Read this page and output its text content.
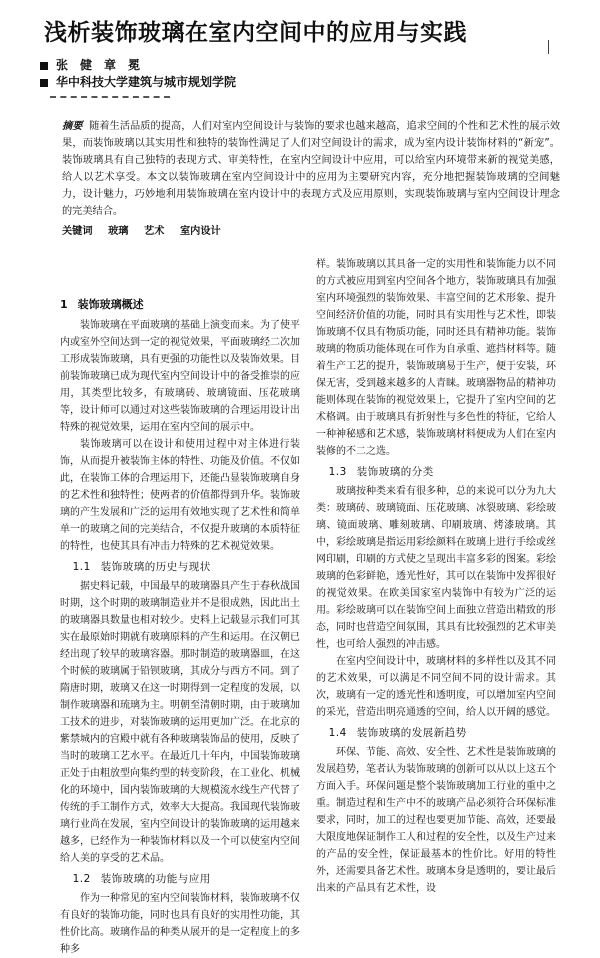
浅析装饰玻璃在室内空间中的应用与实践
张　健　章　冕
华中科技大学建筑与城市规划学院
摘要 随着生活品质的提高，人们对室内空间设计与装饰的要求也越来越高，追求空间的个性和艺术性的展示效果，而装饰玻璃以其实用性和独特的装饰性满足了人们对空间设计的需求，成为室内设计装饰材料的“新宠”。装饰玻璃具有自己独特的表现方式、审美特性，在室内空间设计中应用，可以给室内环境带来新的视觉美感，给人以艺术享受。本文以装饰玻璃在室内空间设计中的应用为主要研究内容，充分地把握装饰玻璃的空间魅力，设计魅力，巧妙地利用装饰玻璃在室内设计中的表现方式及应用原则，实现装饰玻璃与室内空间设计理念的完美结合。
关键词 玻璃 艺术 室内设计
1 装饰玻璃概述

装饰玻璃在平面玻璃的基础上演变而来。为了使平内或室外空间达到一定的视觉效果，平面玻璃经二次加工形成装饰玻璃，具有更强的功能性以及装饰效果。目前装饰玻璃已成为现代室内空间设计中的备受推崇的应用，其类型比较多，有玻璃砖、玻璃镜面、压花玻璃等，设计师可以通过对这些装饰玻璃的合理运用设计出特殊的视觉效果，运用在室内空间的展示中。

装饰玻璃可以在设计和使用过程中对主体进行装饰，从而提升被装饰主体的特性、功能及价值。不仅如此，在装饰工体的合理运用下，还能凸显装饰玻璃自身的艺术性和独特性；使两者的价值都得到升华。装饰玻璃的产生发展和广泛的运用有效地实现了艺术性和简单单一的玻璃之间的完美结合，不仅提升玻璃的本质特征的特性，也使其具有冲击力特殊的艺术视觉效果。

1.1 装饰玻璃的历史与现状

据史料记载，中国最早的玻璃器具产生于春秋战国时期，这个时期的玻璃制造业并不是很成熟，因此出土的玻璃器具数量也相对较少。史料上记载显示我们可其实在最原始时期就有玻璃原料的产生和运用。在汉朝已经出现了较早的玻璃容器。那时制造的玻璃器皿，在这个时候的玻璃属于铅钡玻璃，其成分与西方不同。到了隋唐时期，玻璃又在这一时期得到一定程度的发展，以制作玻璃器和琉璃为主。明朝至清朝时期，由于玻璃加工技术的进步，对装饰玻璃的运用更加广泛。在北京的紫禁城内的宫殿中就有各种玻璃装饰品的使用，反映了当时的玻璃工艺水平。在最近几十年内，中国装饰玻璃正处于由粗放型向集约型的转变阶段，在工业化、机械化的环境中，国内装饰玻璃的大规模流水线生产代替了传统的手工制作方式，效率大大提高。我国现代装饰玻璃行业尚在发展，室内空间设计的装饰玻璃的运用越来越多，已经作为一种装饰材料以及一个可以使室内空间给人美的享受的艺术品。

1.2 装饰玻璃的功能与应用

作为一种常见的室内空间装饰材料，装饰玻璃不仅有良好的装饰功能，同时也具有良好的实用性功能，其性价比高。玻璃作品的种类从展开的是一定程度上的多种多

样。装饰玻璃以其具备一定的实用性和装饰能力以不同的方式被应用到室内空间各个地方，装饰玻璃具有加强室内环境强烈的装饰效果、丰富空间的艺术形象、提升空间经济价值的功能，同时具有实用性与艺术性，即装饰玻璃不仅具有物质功能，同时还具有精神功能。装饰玻璃的物质功能体现在可作为自承重、遮挡材料等。随着生产工艺的提升，装饰玻璃易于生产，便于安装，环保无害，受到越来越多的人青睐。玻璃器物品的精神功能则体现在装饰的视觉效果上，它提升了室内空间的艺术格调。由于玻璃具有折射性与多色性的特征，它给人一种神秘感和艺术感，装饰玻璃材料便成为人们在室内装修的不二之选。

1.3 装饰玻璃的分类

玻璃按种类来看有很多种，总的来说可以分为九大类：玻璃砖、玻璃镜面、压花玻璃、冰裂玻璃、彩绘玻璃、镜面玻璃、雕刻玻璃、印刷玻璃、烤漆玻璃。其中，彩绘玻璃是指运用彩绘颜料在玻璃上进行手绘或丝网印刷，印刷的方式使之呈现出丰富多彩的图案。彩绘玻璃的色彩鲜艳，透光性好，其可以在装饰中发挥很好的视觉效果。在欧美国家室内装饰中有较为广泛的运用。彩绘玻璃可以在装饰空间上面独立营造出精致的形态，同时也营造空间氛围，其具有比较强烈的艺术审美性，也可给人强烈的冲击感。

在室内空间设计中，玻璃材料的多样性以及其不同的艺术效果，可以满足不同空间不同的设计需求。其次，玻璃有一定的透光性和透明度，可以增加室内空间的采光，营造出明亮通透的空间，给人以开阔的感觉。

1.4 装饰玻璃的发展新趋势

环保、节能、高效、安全性、艺术性是装饰玻璃的发展趋势，笔者认为装饰玻璃的创新可以从以上这五个方面入手。环保问题是整个装饰玻璃加工行业的重中之重。制造过程和生产中不的玻璃产品必须符合环保标准要求，同时，加工的过程也要更加节能、高效，还要最大限度地保证制作工人和过程的安全性，以及生产过来的产品的安全性，保证最基本的性价比。好用的特性外，还需要具备艺术性。玻璃本身是透明的，要让最后出来的产品具有艺术性，设
